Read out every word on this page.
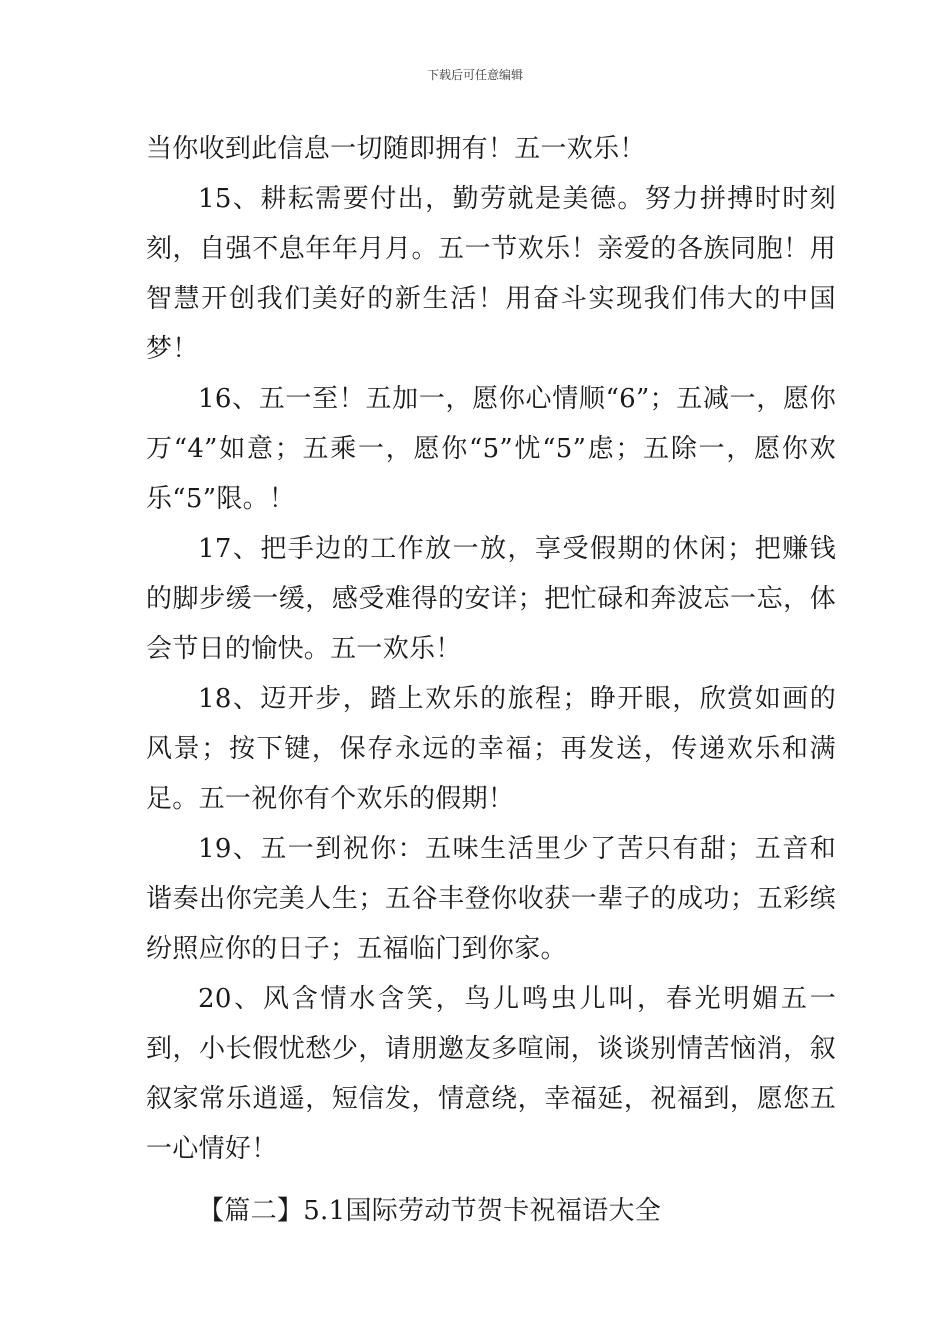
下载后可任意编辑

当你收到此信息一切随即拥有！五一欢乐！

15、耕耘需要付出，勤劳就是美德。努力拼搏时时刻刻，自强不息年年月月。五一节欢乐！亲爱的各族同胞！用智慧开创我们美好的新生活！用奋斗实现我们伟大的中国梦！

16、五一至！五加一，愿你心情顺“6”；五减一，愿你万“4”如意；五乘一，愿你“5”忧“5”虑；五除一，愿你欢乐“5”限。！

17、把手边的工作放一放，享受假期的休闲；把赚钱的脚步缓一缓，感受难得的安详；把忙碌和奔波忘一忘，体会节日的愉快。五一欢乐！

18、迈开步，踏上欢乐的旅程；睁开眼，欣赏如画的风景；按下键，保存永远的幸福；再发送，传递欢乐和满足。五一祝你有个欢乐的假期！

19、五一到祝你：五味生活里少了苦只有甜；五音和谐奏出你完美人生；五谷丰登你收获一辈子的成功；五彩缤纷照应你的日子；五福临门到你家。

20、风含情水含笑，鸟儿鸣虫儿叫，春光明媚五一到，小长假忧愁少，请朋邀友多喧闹，谈谈别情苦恼消，叙叙家常乐逍遥，短信发，情意绕，幸福延，祝福到，愿您五一心情好！

【篇二】5.1国际劳动节贺卡祝福语大全
